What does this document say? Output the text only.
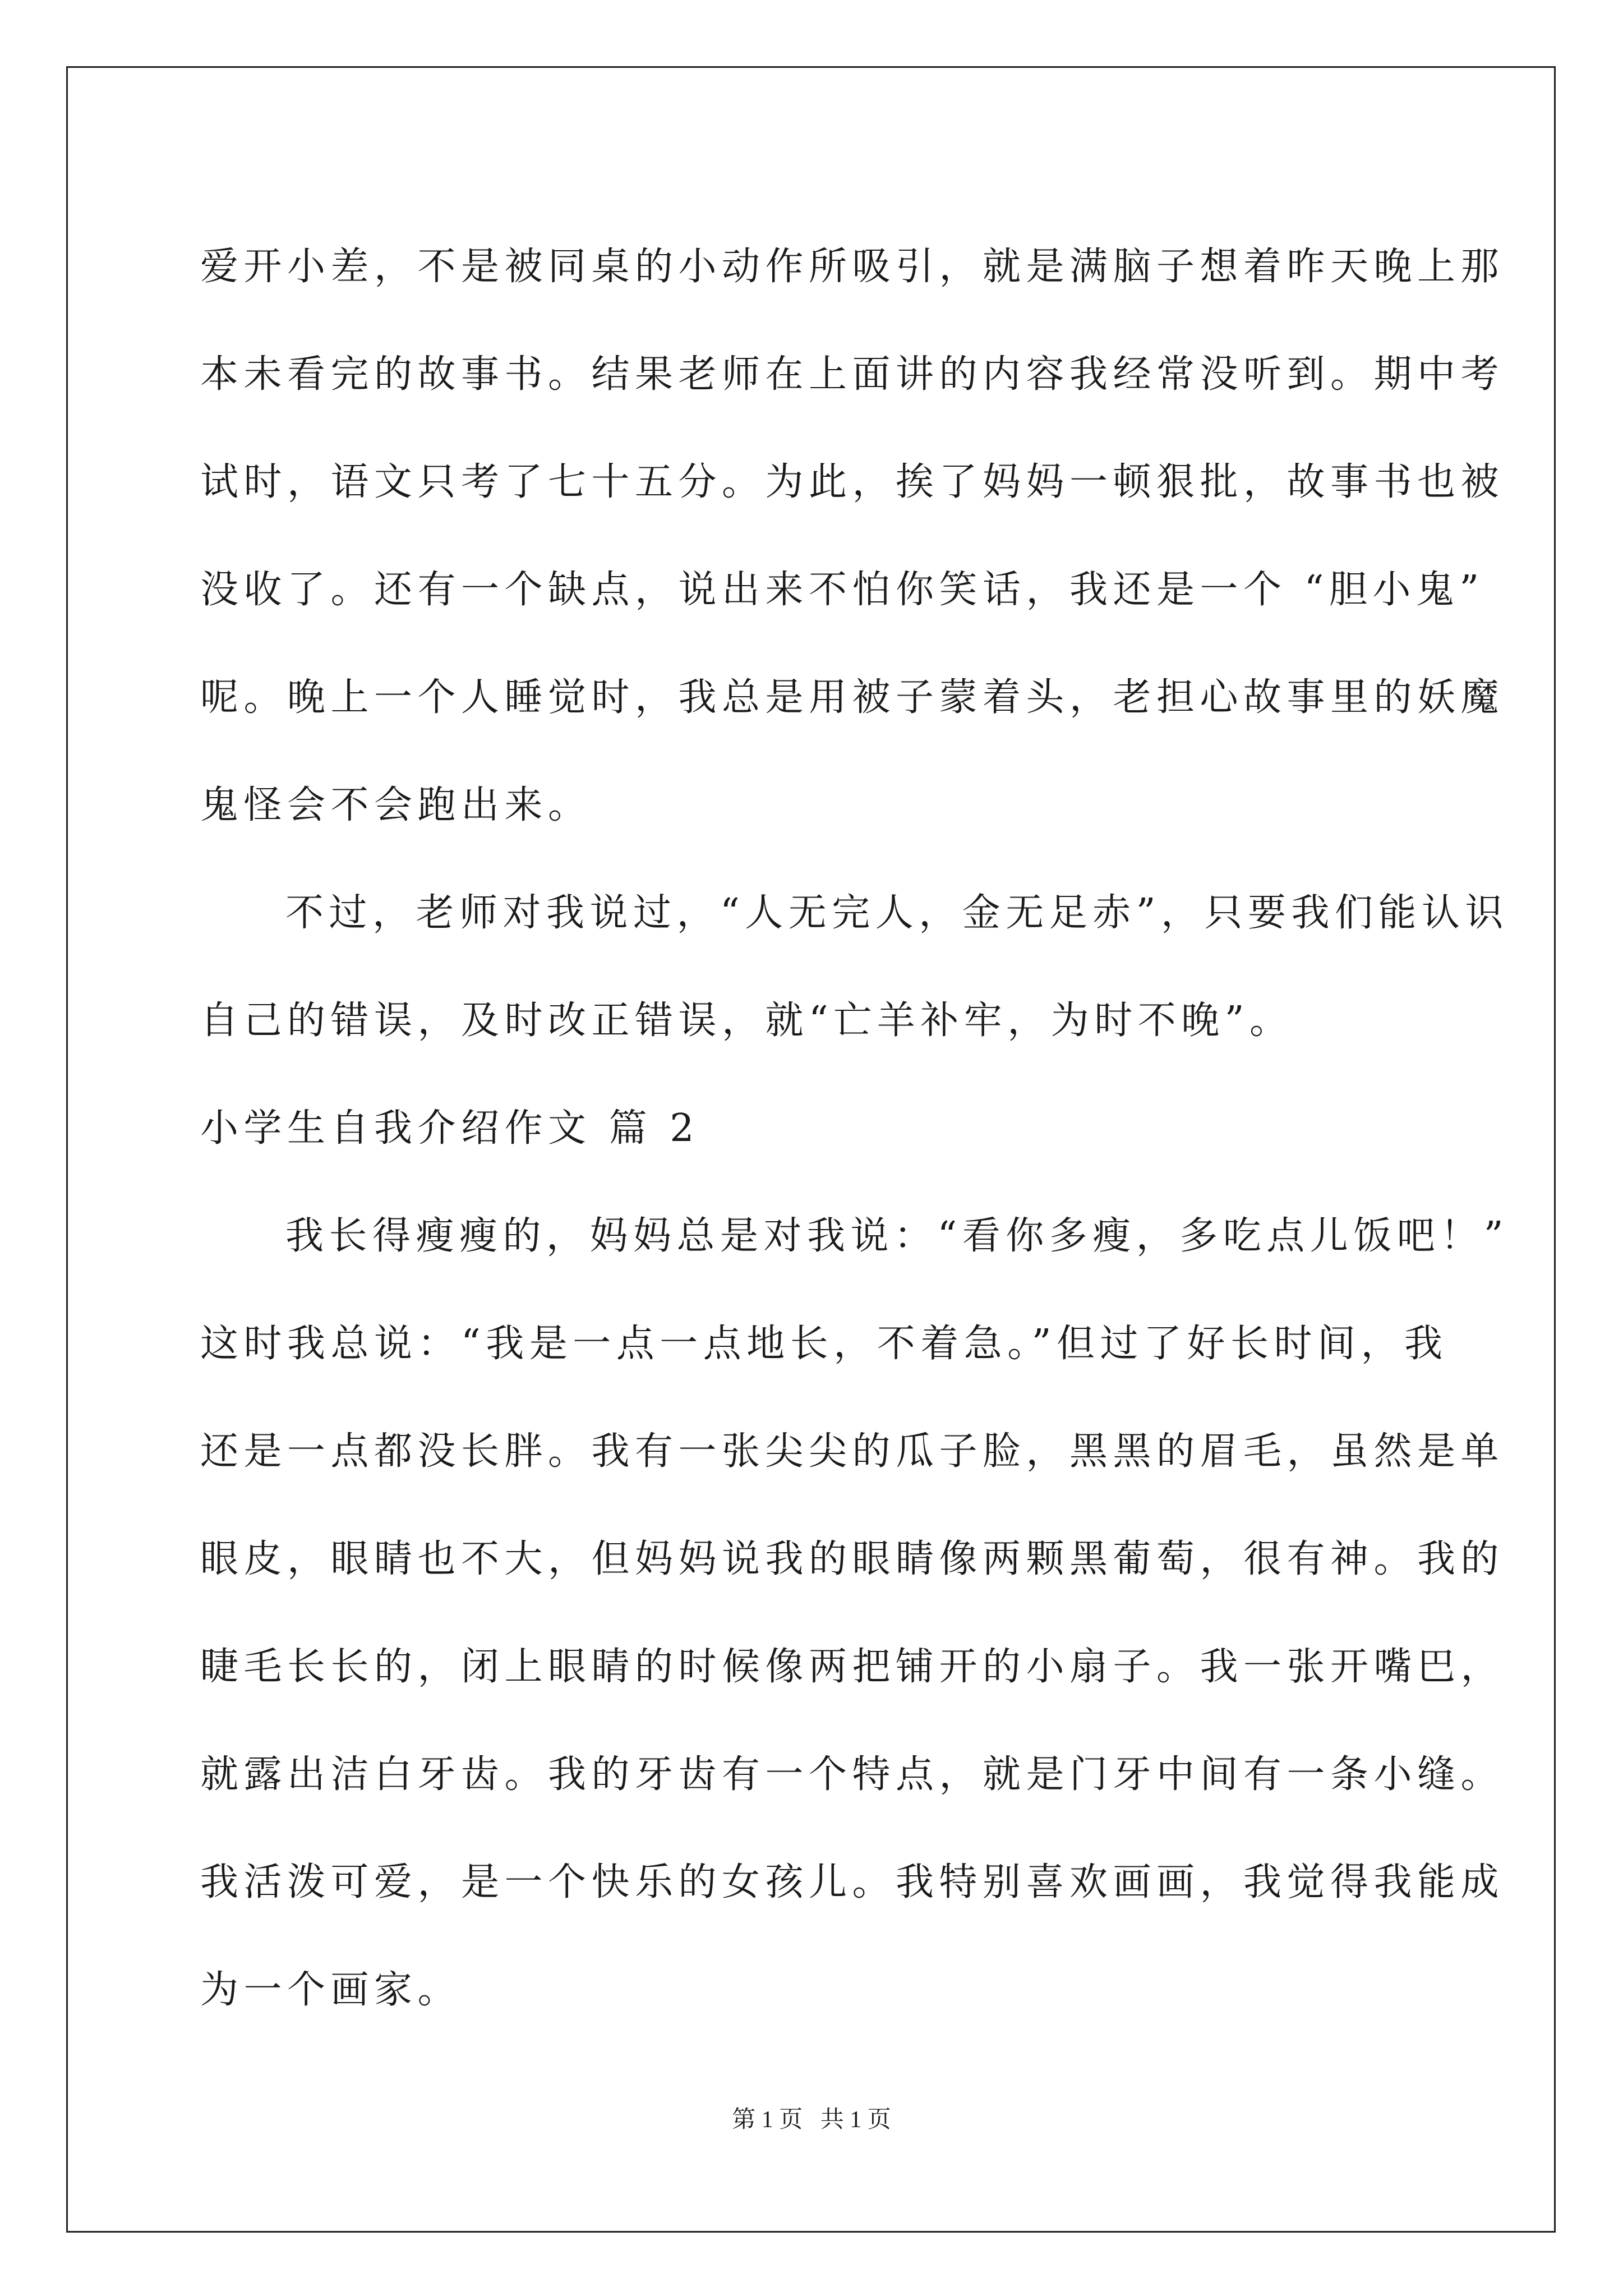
爱开小差，不是被同桌的小动作所吸引，就是满脑子想着昨天晚上那
本未看完的故事书。结果老师在上面讲的内容我经常没听到。期中考
试时，语文只考了七十五分。为此，挨了妈妈一顿狠批，故事书也被
没收了。还有一个缺点，说出来不怕你笑话，我还是一个 “胆小鬼”
呢。晚上一个人睡觉时，我总是用被子蒙着头，老担心故事里的妖魔
鬼怪会不会跑出来。
不过，老师对我说过，“人无完人，金无足赤”，只要我们能认识
自己的错误，及时改正错误，就“亡羊补牢，为时不晚”。
小学生自我介绍作文 篇 2
我长得瘦瘦的，妈妈总是对我说：“看你多瘦，多吃点儿饭吧！”
这时我总说：“我是一点一点地长，不着急。”但过了好长时间，我
还是一点都没长胖。我有一张尖尖的瓜子脸，黑黑的眉毛，虽然是单
眼皮，眼睛也不大，但妈妈说我的眼睛像两颗黑葡萄，很有神。我的
睫毛长长的，闭上眼睛的时候像两把铺开的小扇子。我一张开嘴巴，
就露出洁白牙齿。我的牙齿有一个特点，就是门牙中间有一条小缝。
我活泼可爱，是一个快乐的女孩儿。我特别喜欢画画，我觉得我能成
为一个画家。
第 1 页   共 1 页
